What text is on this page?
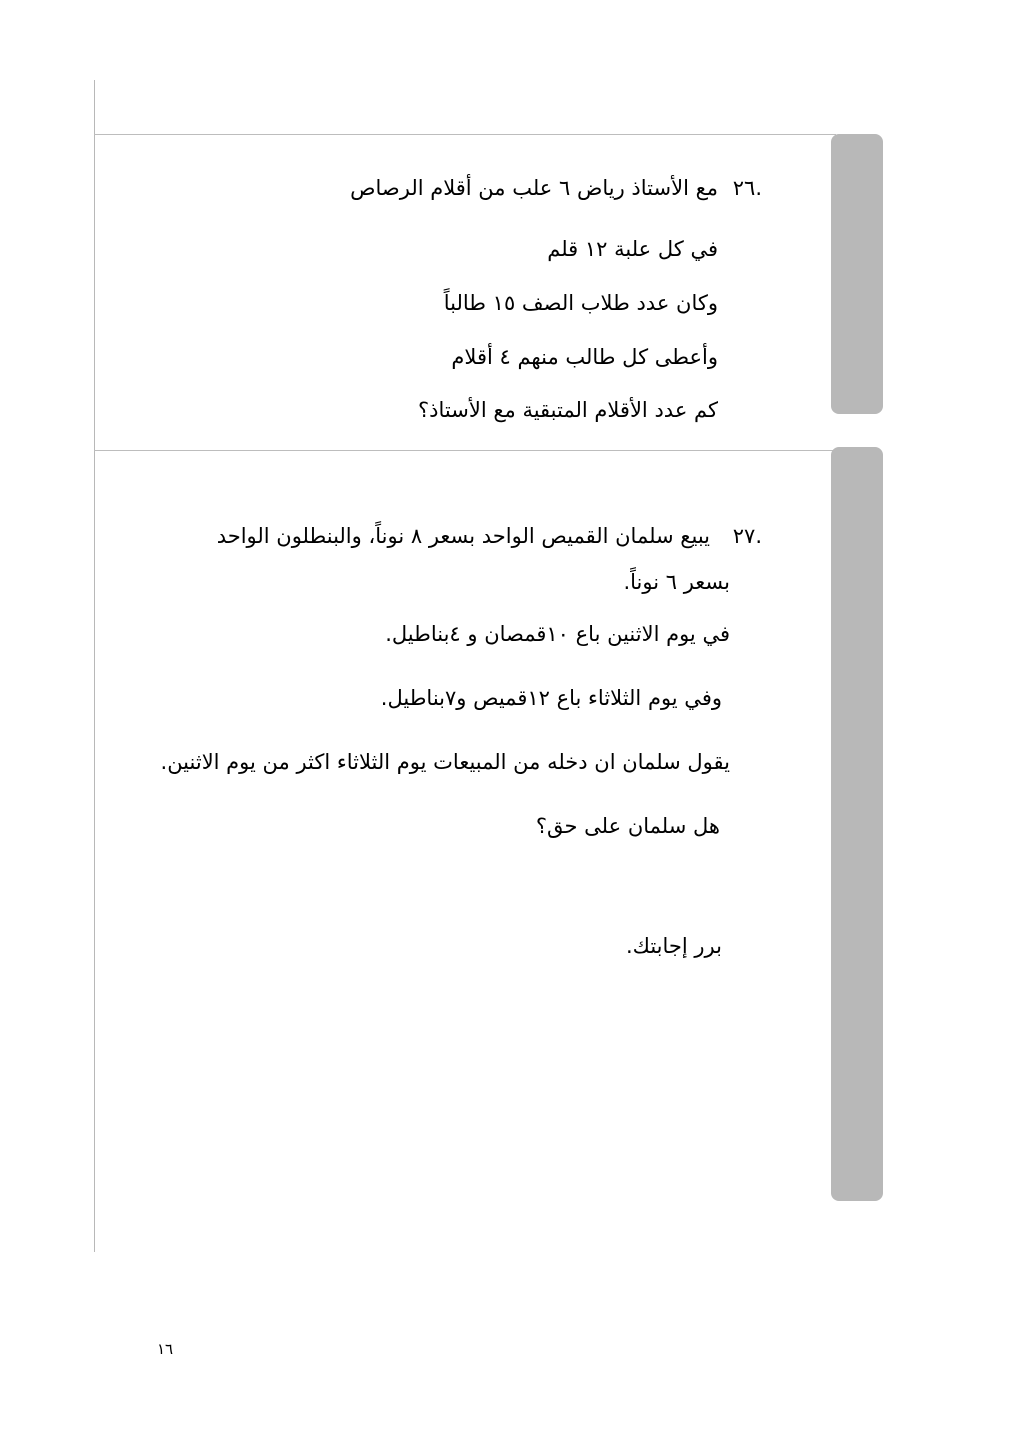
٢٦.
مع الأستاذ رياض ٦ علب من أقلام الرصاص
في كل علبة ١٢ قلم
وكان عدد طلاب الصف ١٥ طالباً
وأعطى كل طالب منهم ٤ أقلام
كم عدد الأقلام المتبقية مع الأستاذ؟
٢٧.
يبيع سلمان القميص الواحد بسعر ٨ نوناً، والبنطلون الواحد
بسعر ٦ نوناً.
في يوم الاثنين باع ١٠قمصان و ٤بناطيل.
وفي يوم الثلاثاء باع ١٢قميص و٧بناطيل.
يقول سلمان ان دخله من المبيعات يوم الثلاثاء اكثر من يوم الاثنين.
هل سلمان على حق؟
برر إجابتك.
١٦
